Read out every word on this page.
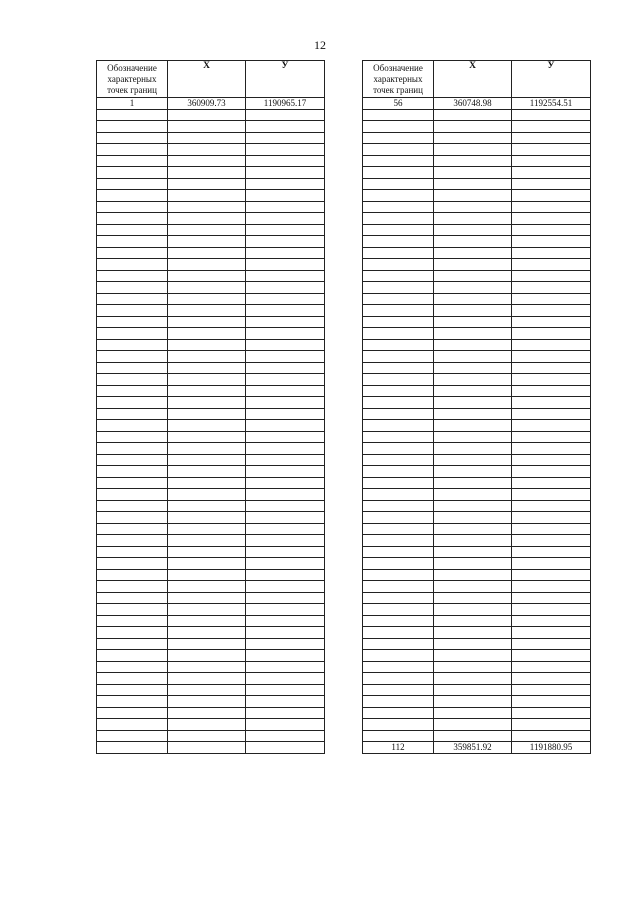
12
Обозначение характерных точек границ	Х	У
1	360909.73	1190965.17

Обозначение характерных точек границ	Х	У
56	360748.98	1192554.51

112	359851.92	1191880.95
